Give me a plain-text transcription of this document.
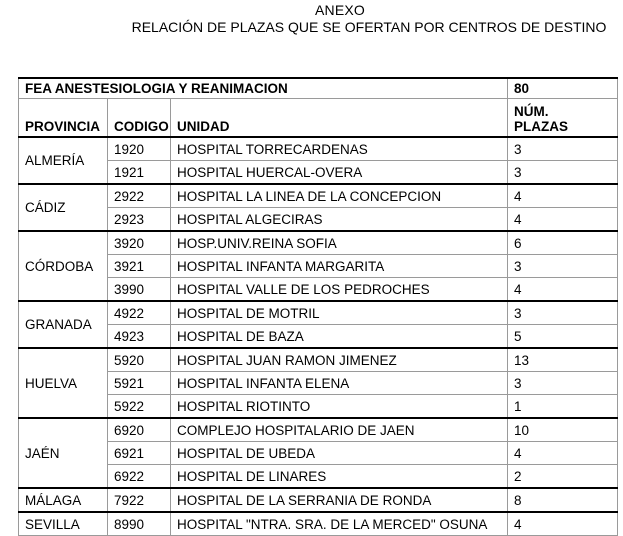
ANEXO
RELACIÓN DE PLAZAS QUE SE OFERTAN POR CENTROS DE DESTINO
FEA ANESTESIOLOGIA Y REANIMACION			80
PROVINCIA	CODIGO	UNIDAD	NÚM.
PLAZAS
ALMERÍA	1920	HOSPITAL TORRECARDENAS	3
	1921	HOSPITAL HUERCAL-OVERA	3
CÁDIZ	2922	HOSPITAL LA LINEA DE LA CONCEPCION	4
	2923	HOSPITAL ALGECIRAS	4
CÓRDOBA	3920	HOSP.UNIV.REINA SOFIA	6
	3921	HOSPITAL INFANTA MARGARITA	3
	3990	HOSPITAL VALLE DE LOS PEDROCHES	4
GRANADA	4922	HOSPITAL DE MOTRIL	3
	4923	HOSPITAL DE BAZA	5
HUELVA	5920	HOSPITAL JUAN RAMON JIMENEZ	13
	5921	HOSPITAL INFANTA ELENA	3
	5922	HOSPITAL RIOTINTO	1
JAÉN	6920	COMPLEJO HOSPITALARIO DE JAEN	10
	6921	HOSPITAL DE UBEDA	4
	6922	HOSPITAL DE LINARES	2
MÁLAGA	7922	HOSPITAL DE LA SERRANIA DE RONDA	8
SEVILLA	8990	HOSPITAL "NTRA. SRA. DE LA MERCED" OSUNA	4
